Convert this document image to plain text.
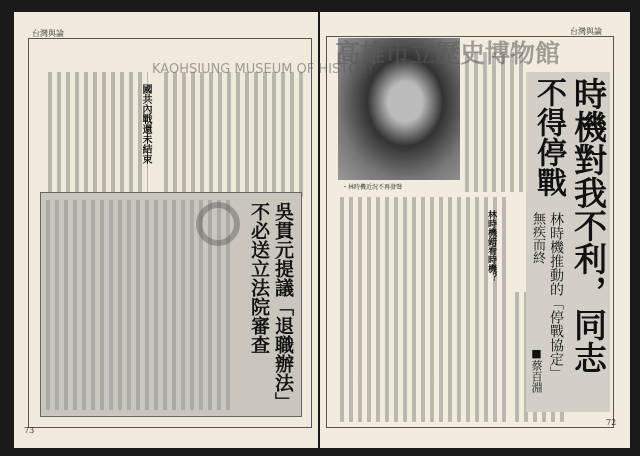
台灣與論
國共內戰還未結束
吳貫元提議「退職辦法」
不必送立法院審查
73
台灣與論
・林時機近況不再發聲	時機對我不利，同志
不得停戰
林時機推動的「停戰協定」
無疾而終
■蔡百淵
林時機錯看時機？
72
高雄市立歷史博物館
KAOHSIUNG MUSEUM OF HISTORY
